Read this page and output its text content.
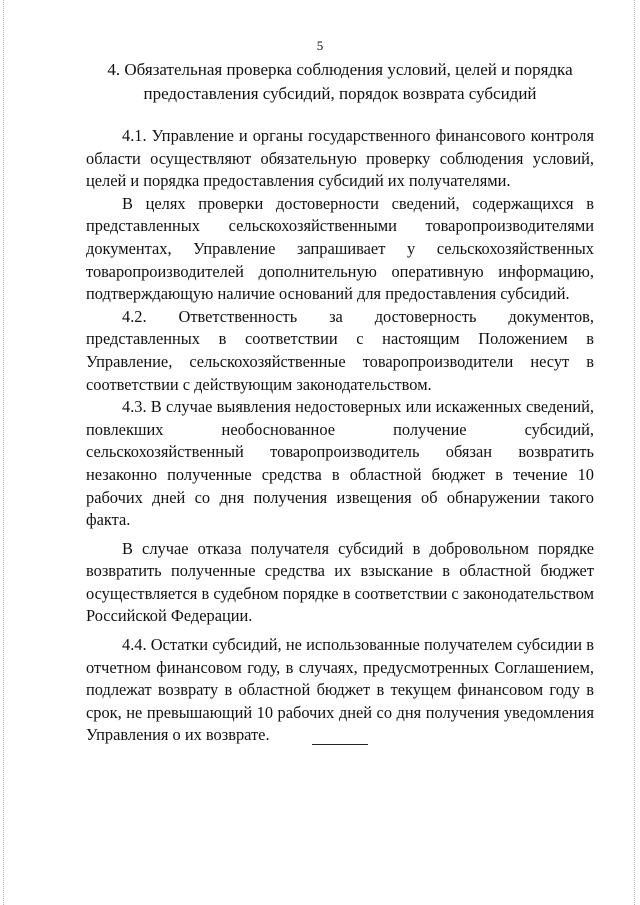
5
4. Обязательная проверка соблюдения условий, целей и порядка предоставления субсидий, порядок возврата субсидий

4.1. Управление и органы государственного финансового контроля области осуществляют обязательную проверку соблюдения условий, целей и порядка предоставления субсидий их получателями.

В целях проверки достоверности сведений, содержащихся в представленных сельскохозяйственными товаропроизводителями документах, Управление запрашивает у сельскохозяйственных товаропроизводителей дополнительную оперативную информацию, подтверждающую наличие оснований для предоставления субсидий.

4.2. Ответственность за достоверность документов, представленных в соответствии с настоящим Положением в Управление, сельскохозяйственные товаропроизводители несут в соответствии с действующим законодательством.

4.3. В случае выявления недостоверных или искаженных сведений, повлекших необоснованное получение субсидий, сельскохозяйственный товаропроизводитель обязан возвратить незаконно полученные средства в областной бюджет в течение 10 рабочих дней со дня получения извещения об обнаружении такого факта.

В случае отказа получателя субсидий в добровольном порядке возвратить полученные средства их взыскание в областной бюджет осуществляется в судебном порядке в соответствии с законодательством Российской Федерации.

4.4. Остатки субсидий, не использованные получателем субсидии в отчетном финансовом году, в случаях, предусмотренных Соглашением, подлежат возврату в областной бюджет в текущем финансовом году в срок, не превышающий 10 рабочих дней со дня получения уведомления Управления о их возврате.
